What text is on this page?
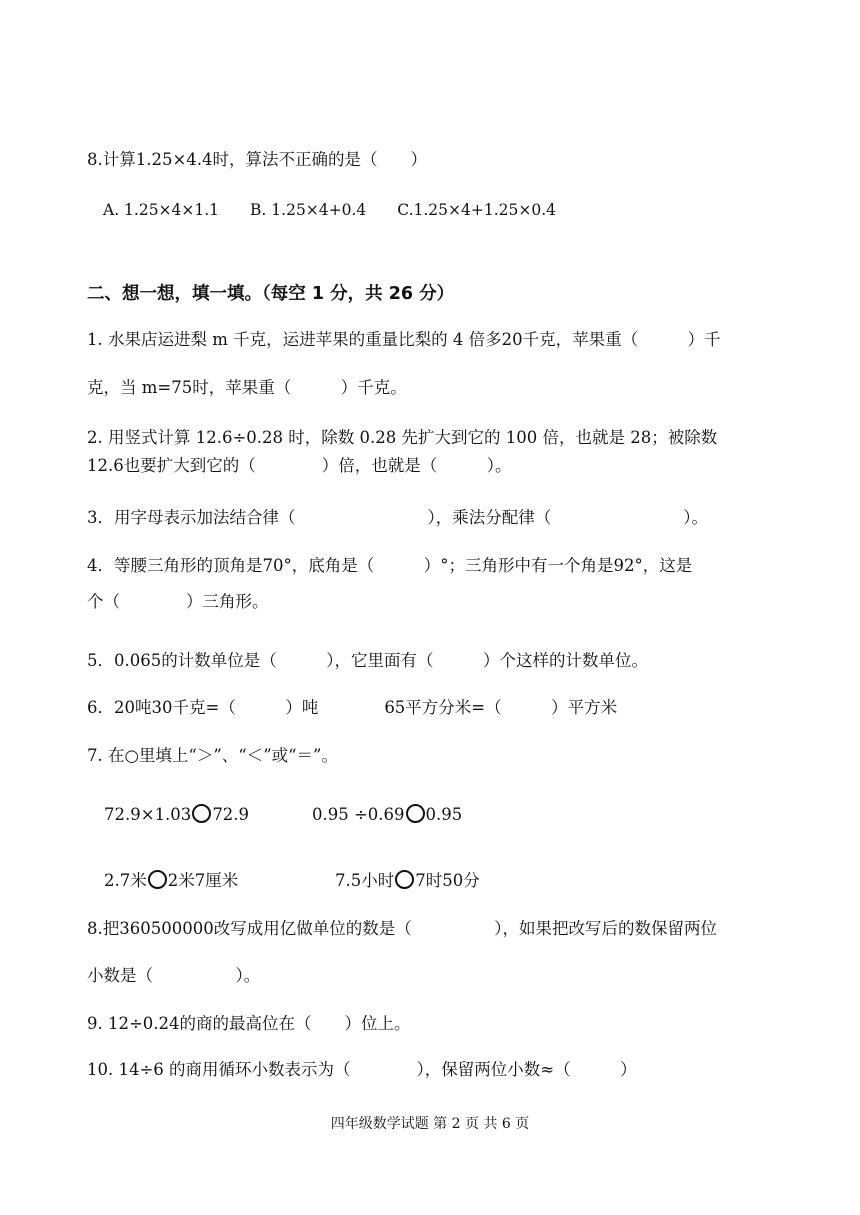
8.计算1.25×4.4时，算法不正确的是（　　）
A. 1.25×4×1.1　　B. 1.25×4+0.4　　C.1.25×4+1.25×0.4
二、想一想，填一填。（每空 1 分，共 26 分）
1. 水果店运进梨 m 千克，运进苹果的重量比梨的 4 倍多20千克，苹果重（　　　）千
克，当 m=75时，苹果重（　　　）千克。
2. 用竖式计算 12.6÷0.28 时，除数 0.28 先扩大到它的 100 倍，也就是 28；被除数
12.6也要扩大到它的（　　　　）倍，也就是（　　　）。
3．用字母表示加法结合律（　　　　　　　　），乘法分配律（　　　　　　　　）。
4．等腰三角形的顶角是70°，底角是（　　　）°；三角形中有一个角是92°，这是
个（　　　　）三角形。
5．0.065的计数单位是（　　　），它里面有（　　　）个这样的计数单位。
6．20吨30千克=（　　　）吨　　　　65平方分米=（　　　）平方米
7. 在○里填上“＞”、“＜”或“＝”。
72.9×1.03 72.9	0.95 ÷0.69 0.95
2.7米 2米7厘米	7.5小时 7时50分
8.把360500000改写成用亿做单位的数是（　　　　　），如果把改写后的数保留两位
小数是（　　　　　）。
9. 12÷0.24的商的最高位在（　　）位上。
10. 14÷6 的商用循环小数表示为（　　　　），保留两位小数≈（　　　）
四年级数学试题 第 2 页 共 6 页
